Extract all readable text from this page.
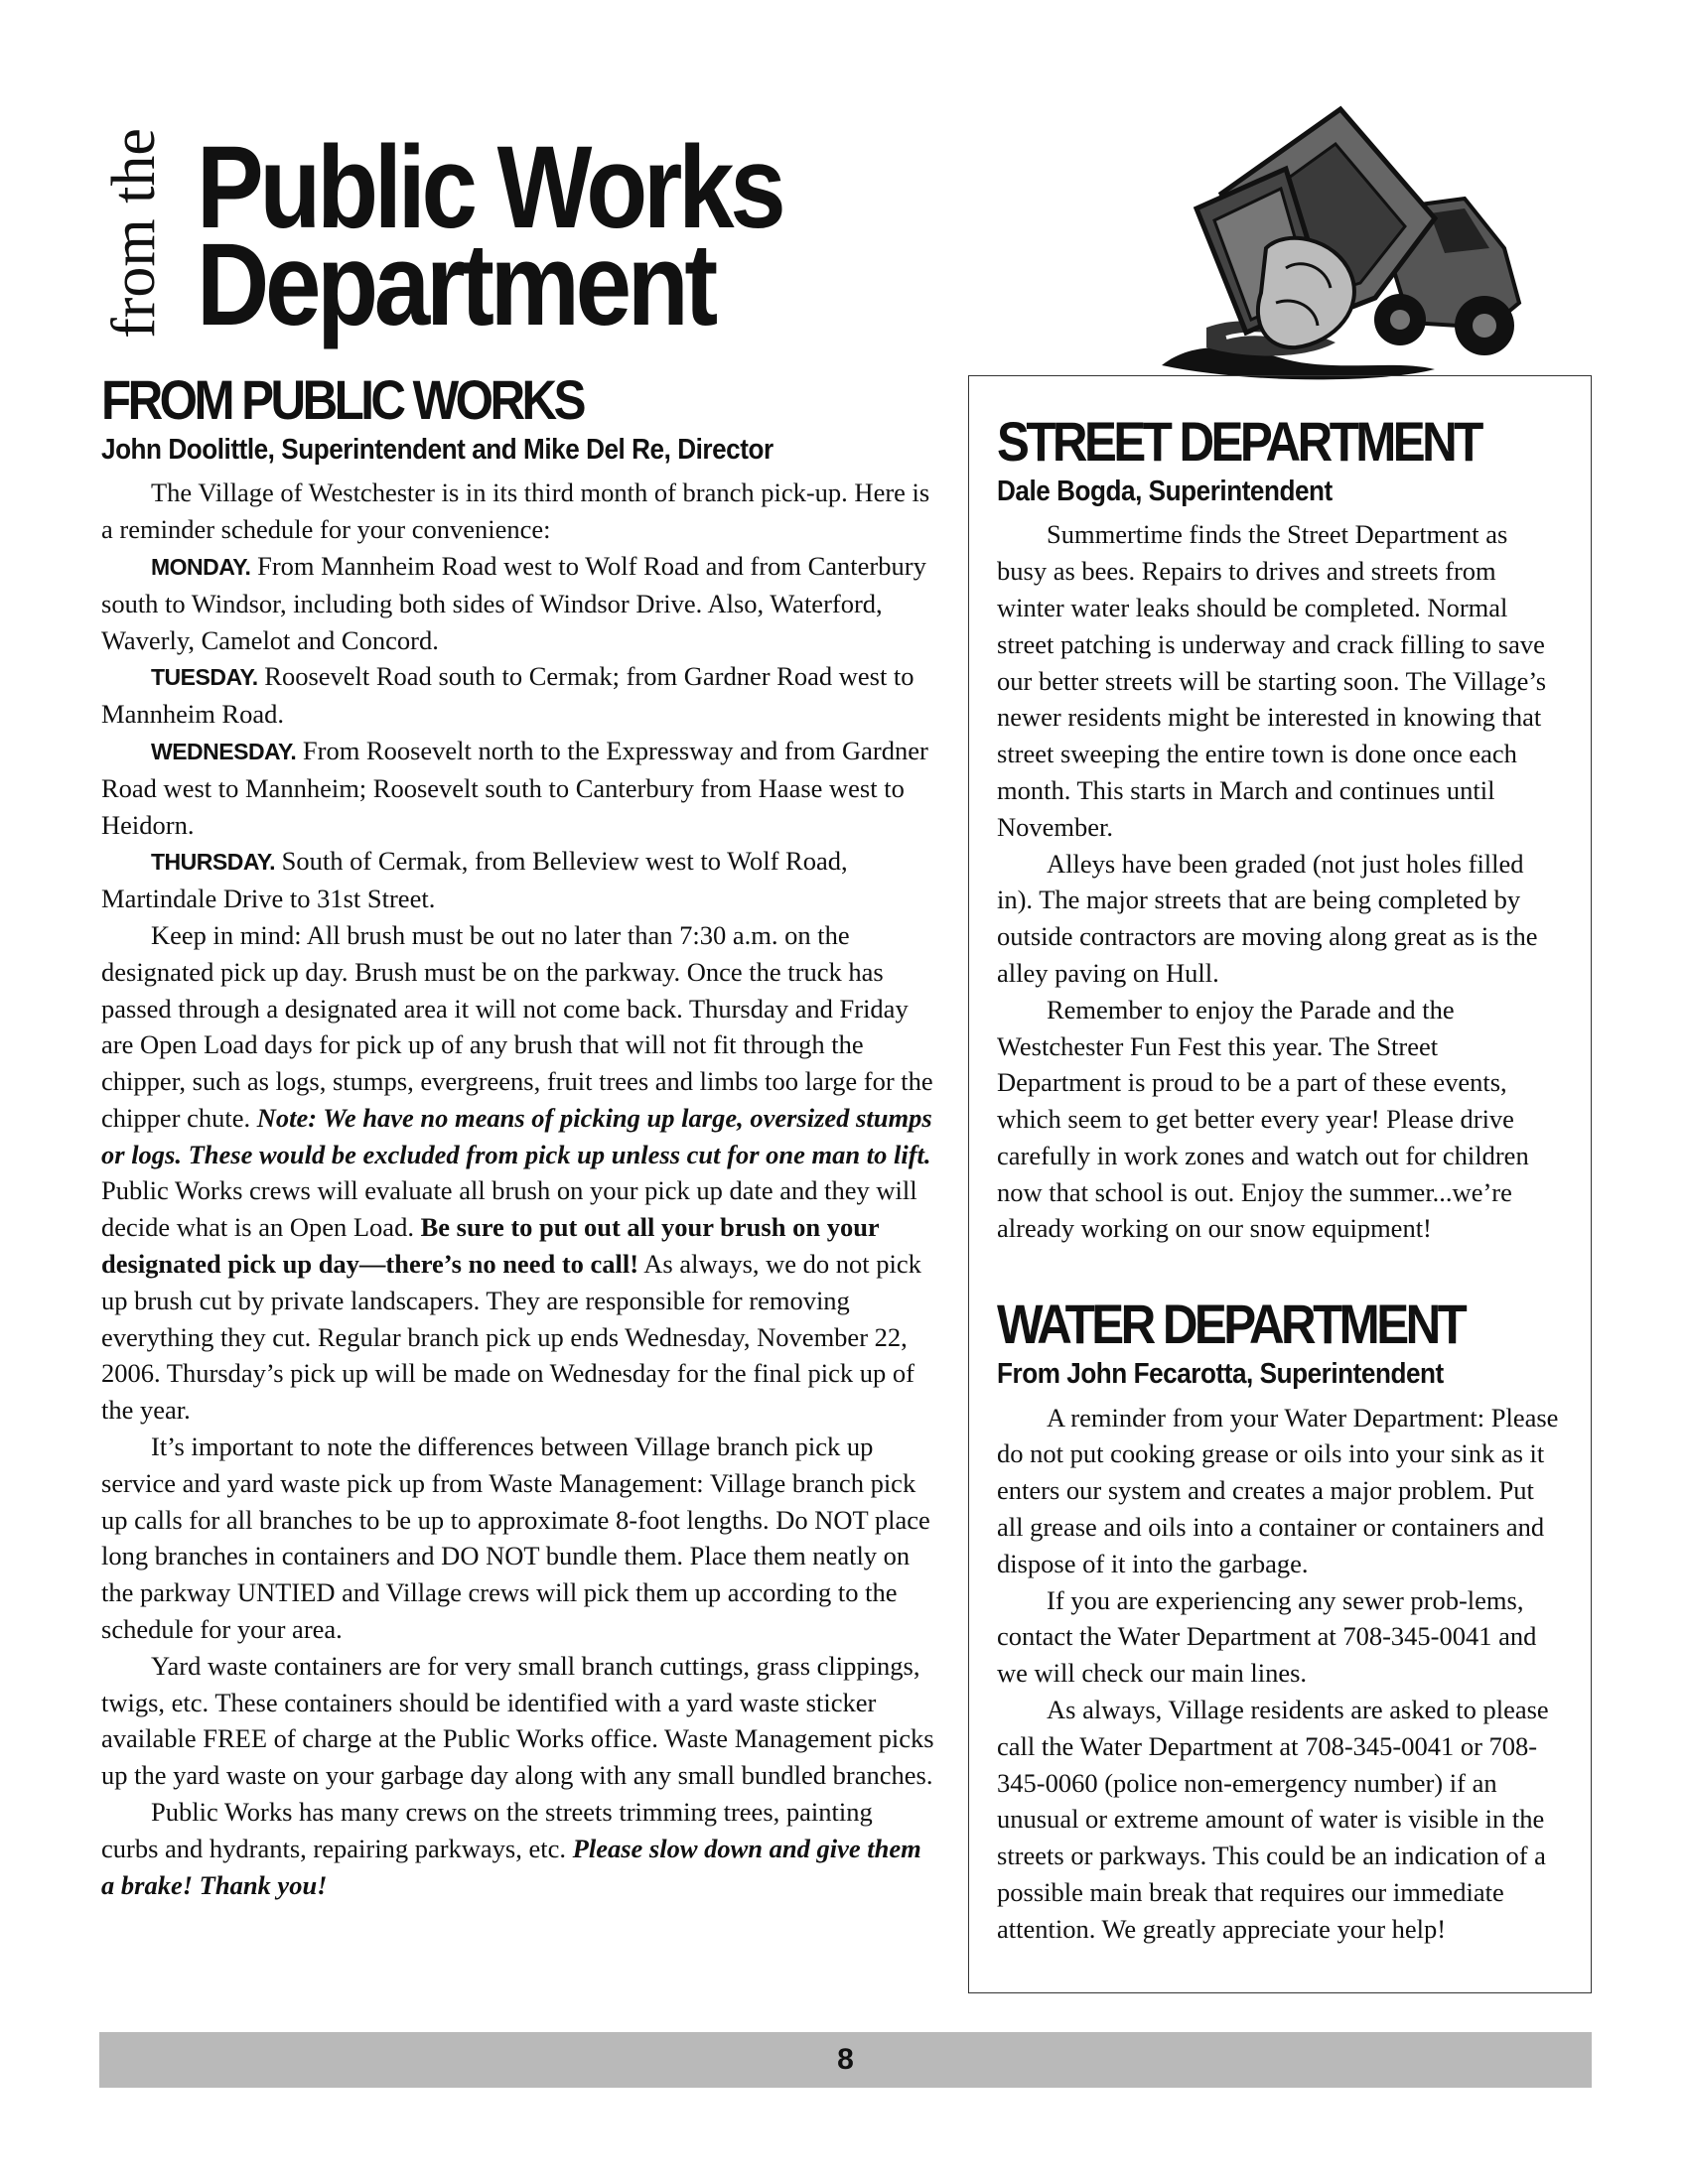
from the Public Works
Department
FROM PUBLIC WORKS
John Doolittle, Superintendent and Mike Del Re, Director

The Village of Westchester is in its third month of branch pick-up. Here is a reminder schedule for your convenience:

MONDAY. From Mannheim Road west to Wolf Road and from Canterbury south to Windsor, including both sides of Windsor Drive. Also, Waterford, Waverly, Camelot and Concord.

TUESDAY. Roosevelt Road south to Cermak; from Gardner Road west to Mannheim Road.

WEDNESDAY. From Roosevelt north to the Expressway and from Gardner Road west to Mannheim; Roosevelt south to Canterbury from Haase west to Heidorn.

THURSDAY. South of Cermak, from Belleview west to Wolf Road, Martindale Drive to 31st Street.

Keep in mind: All brush must be out no later than 7:30 a.m. on the designated pick up day. Brush must be on the parkway. Once the truck has passed through a designated area it will not come back. Thursday and Friday are Open Load days for pick up of any brush that will not fit through the chipper, such as logs, stumps, evergreens, fruit trees and limbs too large for the chipper chute. Note: We have no means of picking up large, oversized stumps or logs. These would be excluded from pick up unless cut for one man to lift. Public Works crews will evaluate all brush on your pick up date and they will decide what is an Open Load. Be sure to put out all your brush on your designated pick up day—there’s no need to call! As always, we do not pick up brush cut by private landscapers. They are responsible for removing everything they cut. Regular branch pick up ends Wednesday, November 22, 2006. Thursday’s pick up will be made on Wednesday for the final pick up of the year.

It’s important to note the differences between Village branch pick up service and yard waste pick up from Waste Management: Village branch pick up calls for all branches to be up to approximate 8-foot lengths. Do NOT place long branches in containers and DO NOT bundle them. Place them neatly on the parkway UNTIED and Village crews will pick them up according to the schedule for your area.

Yard waste containers are for very small branch cuttings, grass clippings, twigs, etc. These containers should be identified with a yard waste sticker available FREE of charge at the Public Works office. Waste Management picks up the yard waste on your garbage day along with any small bundled branches.

Public Works has many crews on the streets trimming trees, painting curbs and hydrants, repairing parkways, etc. Please slow down and give them a brake! Thank you!

STREET DEPARTMENT
Dale Bogda, Superintendent

Summertime finds the Street Department as busy as bees. Repairs to drives and streets from winter water leaks should be completed. Normal street patching is underway and crack filling to save our better streets will be starting soon. The Village’s newer residents might be interested in knowing that street sweeping the entire town is done once each month. This starts in March and continues until November.

Alleys have been graded (not just holes filled in). The major streets that are being completed by outside contractors are moving along great as is the alley paving on Hull.

Remember to enjoy the Parade and the Westchester Fun Fest this year. The Street Department is proud to be a part of these events, which seem to get better every year! Please drive carefully in work zones and watch out for children now that school is out. Enjoy the summer...we’re already working on our snow equipment!

WATER DEPARTMENT
From John Fecarotta, Superintendent

A reminder from your Water Department: Please do not put cooking grease or oils into your sink as it enters our system and creates a major problem. Put all grease and oils into a container or containers and dispose of it into the garbage.

If you are experiencing any sewer prob-lems, contact the Water Department at 708-345-0041 and we will check our main lines.

As always, Village residents are asked to please call the Water Department at 708-345-0041 or 708-345-0060 (police non-emergency number) if an unusual or extreme amount of water is visible in the streets or parkways. This could be an indication of a possible main break that requires our immediate attention. We greatly appreciate your help!

8
